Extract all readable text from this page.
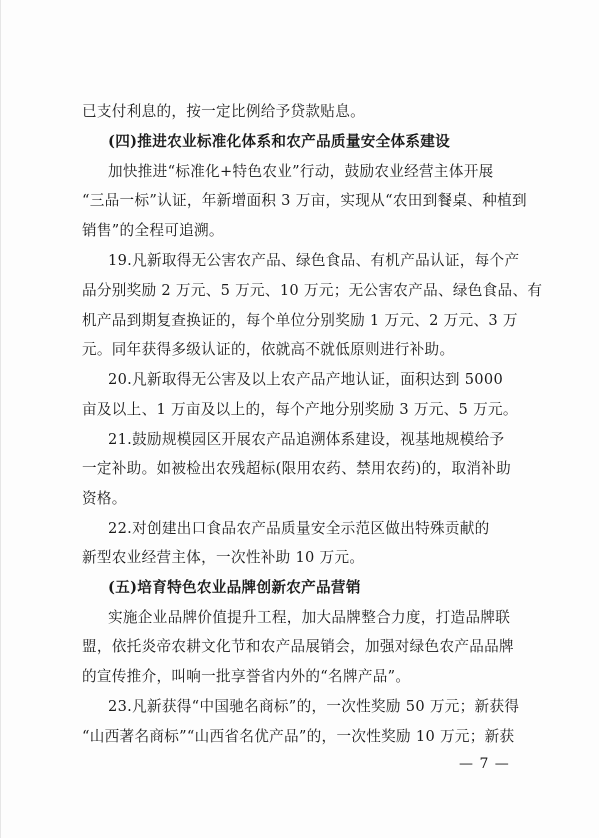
已支付利息的，按一定比例给予贷款贴息。
(四)推进农业标准化体系和农产品质量安全体系建设
加快推进“标准化+特色农业”行动，鼓励农业经营主体开展
“三品一标”认证，年新增面积 3 万亩，实现从“农田到餐桌、种植到
销售”的全程可追溯。
19.凡新取得无公害农产品、绿色食品、有机产品认证，每个产
品分别奖励 2 万元、5 万元、10 万元；无公害农产品、绿色食品、有
机产品到期复查换证的，每个单位分别奖励 1 万元、2 万元、3 万
元。同年获得多级认证的，依就高不就低原则进行补助。
20.凡新取得无公害及以上农产品产地认证，面积达到 5000
亩及以上、1 万亩及以上的，每个产地分别奖励 3 万元、5 万元。
21.鼓励规模园区开展农产品追溯体系建设，视基地规模给予
一定补助。如被检出农残超标(限用农药、禁用农药)的，取消补助
资格。
22.对创建出口食品农产品质量安全示范区做出特殊贡献的
新型农业经营主体，一次性补助 10 万元。
(五)培育特色农业品牌创新农产品营销
实施企业品牌价值提升工程，加大品牌整合力度，打造品牌联
盟，依托炎帝农耕文化节和农产品展销会，加强对绿色农产品品牌
的宣传推介，叫响一批享誉省内外的“名牌产品”。
23.凡新获得“中国驰名商标”的，一次性奖励 50 万元；新获得
“山西著名商标”“山西省名优产品”的，一次性奖励 10 万元；新获
— 7 —
